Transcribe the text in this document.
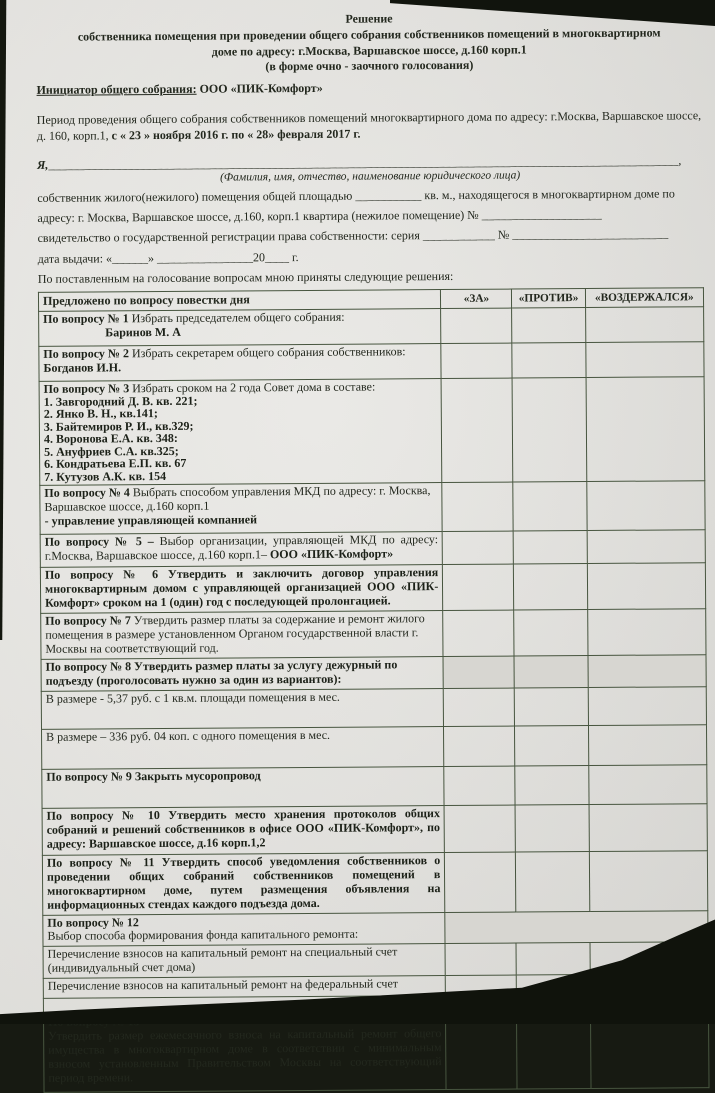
Решение
собственника помещения при проведении общего собрания собственников помещений в многоквартирном
доме по адресу: г.Москва, Варшавское шоссе, д.160 корп.1
(в форме очно - заочного голосования)
Инициатор общего собрания: ООО «ПИК-Комфорт»
Период проведения общего собрания собственников помещений многоквартирного дома по адресу: г.Москва, Варшавское шоссе, д. 160, корп.1, с « 23 » ноября 2016 г. по « 28» февраля 2017 г.
Я,_________________________________________________________________________________________________________,
(Фамилия, имя, отчество, наименование юридического лица)
собственник жилого(нежилого) помещения общей площадью ___________ кв. м., находящегося в многоквартирном доме по
адресу: г. Москва, Варшавское шоссе, д.160, корп.1 квартира (нежилое помещение) № ____________________
свидетельство о государственной регистрации права собственности: серия ____________ № __________________________
дата выдачи: «______» ________________20____ г.
По поставленным на голосование вопросам мною приняты следующие решения:
Предложено по вопросу повестки дня	«ЗА»	«ПРОТИВ»	«ВОЗДЕРЖАЛСЯ»

По вопросу № 1 Избрать председателем общего собрания:
Баринов М. А			

По вопросу № 2 Избрать секретарем общего собрания собственников:
Богданов И.Н.			

По вопросу № 3 Избрать сроком на 2 года Совет дома в составе:
1. Завгородний Д. В. кв. 221;
2. Янко В. Н., кв.141;
3. Байтемиров Р. И., кв.329;
4. Воронова Е.А. кв. 348:
5. Ануфриев С.А. кв.325;
6. Кондратьева Е.П. кв. 67
7. Кутузов А.К. кв. 154

По вопросу № 4 Выбрать способом управления МКД по адресу: г. Москва, Варшавское шоссе, д.160 корп.1
- управление управляющей компанией			

По вопросу № 5 – Выбор организации, управляющей МКД по адресу: г.Москва, Варшавское шоссе, д.160 корп.1– ООО «ПИК-Комфорт»			

По вопросу № 6 Утвердить и заключить договор управления многоквартирным домом с управляющей организацией ООО «ПИК-Комфорт» сроком на 1 (один) год с последующей пролонгацией.			

По вопросу № 7 Утвердить размер платы за содержание и ремонт жилого помещения в размере установленном Органом государственной власти г. Москвы на соответствующий год.			

По вопросу № 8 Утвердить размер платы за услугу дежурный по подъезду (проголосовать нужно за один из вариантов):			

В размере - 5,37 руб. с 1 кв.м. площади помещения в мес.			

В размере – 336 руб. 04 коп. с одного помещения в мес.			

По вопросу № 9 Закрыть мусоропровод			

По вопросу № 10 Утвердить место хранения протоколов общих собраний и решений собственников в офисе ООО «ПИК-Комфорт», по адресу: Варшавское шоссе, д.16 корп.1,2			

По вопросу № 11 Утвердить способ уведомления собственников о проведении общих собраний собственников помещений в многоквартирном доме, путем размещения объявления на информационных стендах каждого подъезда дома.			

По вопросу № 12
Выбор способа формирования фонда капитального ремонта:			

Перечисление взносов на капитальный ремонт на специальный счет
(индивидуальный счет дома)			

Перечисление взносов на капитальный ремонт на федеральный счет			

Утвердить размер ежемесячного взноса на капитальный ремонт общего имущества в многоквартирном доме в соответствии с минимальным взносом установленным Правительством Москвы на соответствующий период времени.			
